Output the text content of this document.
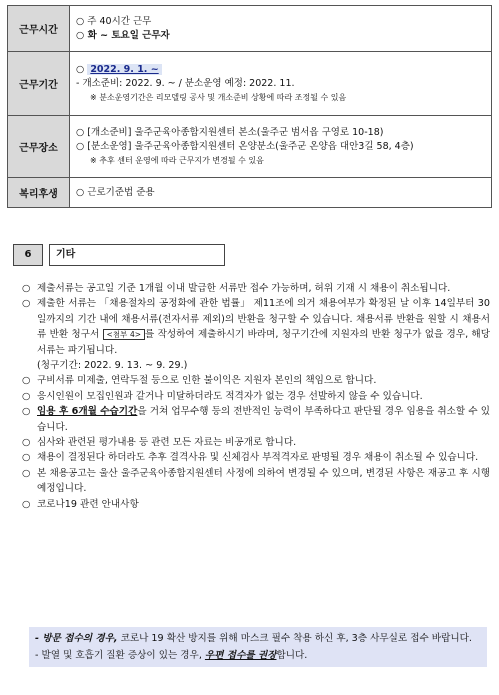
근무시간	○ 주 40시간 근무
○ 화 ~ 토요일 근무자

근무기간	○ 2022. 9. 1. ~
- 개소준비: 2022. 9. ~ / 분소운영 예정: 2022. 11.
※ 분소운영기간은 리모델링 공사 및 개소준비 상황에 따라 조정될 수 있음

근무장소	○ [개소준비] 울주군육아종합지원센터 본소(울주군 범서읍 구영로 10-18)
○ [분소운영] 울주군육아종합지원센터 온양분소(울주군 온양읍 대안3길 58, 4층)
※ 추후 센터 운영에 따라 근무지가 변경될 수 있음

복리후생	○ 근로기준법 준용
6	기타
○ 제출서류는 공고일 기준 1개월 이내 발급한 서류만 접수 가능하며, 허위 기재 시 채용이 취소됩니다.
○ 제출한 서류는 「채용절차의 공정화에 관한 법률」 제11조에 의거 채용여부가 확정된 날 이후 14일부터 30일까지의 기간 내에 채용서류(전자서류 제외)의 반환을 청구할 수 있습니다. 채용서류 반환을 원할 시 채용서류 반환 청구서 <첨부 4> 를 작성하여 제출하시기 바라며, 청구기간에 지원자의 반환 청구가 없을 경우, 해당 서류는 파기됩니다.
(청구기간: 2022. 9. 13. ~ 9. 29.)
○ 구비서류 미제출, 연락두절 등으로 인한 불이익은 지원자 본인의 책임으로 합니다.
○ 응시인원이 모집인원과 같거나 미달하더라도 적격자가 없는 경우 선발하지 않을 수 있습니다.
○ 임용 후 6개월 수습기간을 거쳐 업무수행 등의 전반적인 능력이 부족하다고 판단될 경우 임용을 취소할 수 있습니다.
○ 심사와 관련된 평가내용 등 관련 모든 자료는 비공개로 합니다.
○ 채용이 결정된다 하더라도 추후 결격사유 및 신체검사 부적격자로 판명될 경우 채용이 취소될 수 있습니다.
○ 본 채용공고는 울산 울주군육아종합지원센터 사정에 의하여 변경될 수 있으며, 변경된 사항은 재공고 후 시행 예정입니다.
○ 코로나19 관련 안내사항
- 방문 접수의 경우, 코로나 19 확산 방지를 위해 마스크 필수 착용 하신 후, 3층 사무실로 접수 바랍니다.
- 발열 및 호흡기 질환 증상이 있는 경우, 우편 접수를 권장합니다.
